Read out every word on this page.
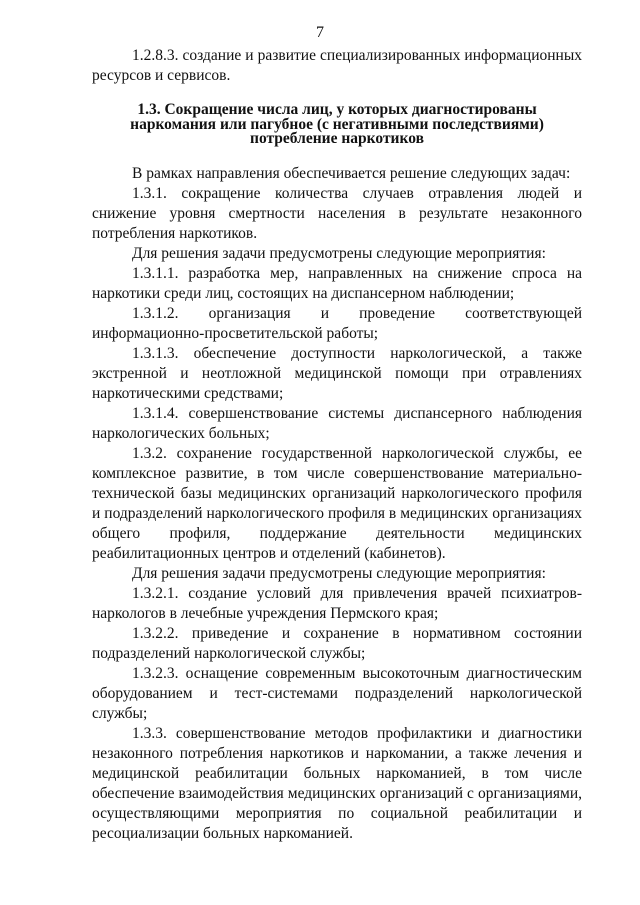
7

1.2.8.3. создание и развитие специализированных информационных ресурсов и сервисов.

1.3. Сокращение числа лиц, у которых диагностированы
наркомания или пагубное (с негативными последствиями)
потребление наркотиков

В рамках направления обеспечивается решение следующих задач:

1.3.1. сокращение количества случаев отравления людей и снижение уровня смертности населения в результате незаконного потребления наркотиков.

Для решения задачи предусмотрены следующие мероприятия:

1.3.1.1. разработка мер, направленных на снижение спроса на наркотики среди лиц, состоящих на диспансерном наблюдении;

1.3.1.2. организация и проведение соответствующей информационно-просветительской работы;

1.3.1.3. обеспечение доступности наркологической, а также экстренной и неотложной медицинской помощи при отравлениях наркотическими средствами;

1.3.1.4. совершенствование системы диспансерного наблюдения наркологических больных;

1.3.2. сохранение государственной наркологической службы, ее комплексное развитие, в том числе совершенствование материально-технической базы медицинских организаций наркологического профиля и подразделений наркологического профиля в медицинских организациях общего профиля, поддержание деятельности медицинских реабилитационных центров и отделений (кабинетов).

Для решения задачи предусмотрены следующие мероприятия:

1.3.2.1. создание условий для привлечения врачей психиатров-наркологов в лечебные учреждения Пермского края;

1.3.2.2. приведение и сохранение в нормативном состоянии подразделений наркологической службы;

1.3.2.3. оснащение современным высокоточным диагностическим оборудованием и тест-системами подразделений наркологической службы;

1.3.3. совершенствование методов профилактики и диагностики незаконного потребления наркотиков и наркомании, а также лечения и медицинской реабилитации больных наркоманией, в том числе обеспечение взаимодействия медицинских организаций с организациями, осуществляющими мероприятия по социальной реабилитации и ресоциализации больных наркоманией.
